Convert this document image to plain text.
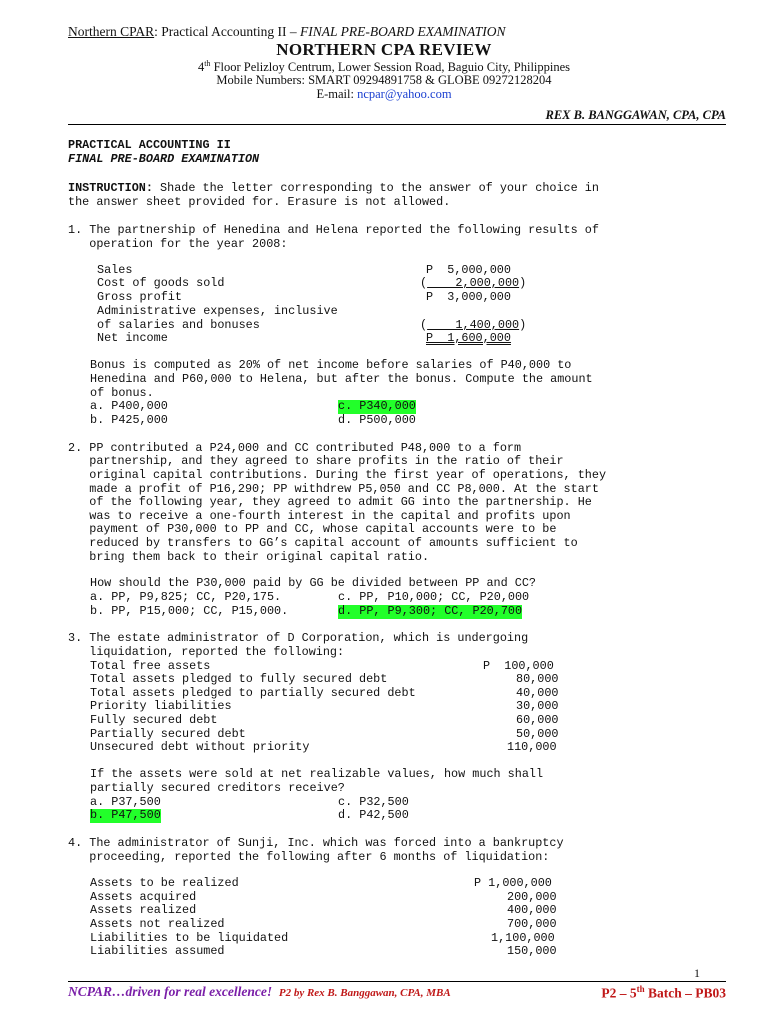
Northern CPAR: Practical Accounting II – FINAL PRE-BOARD EXAMINATION
NORTHERN CPA REVIEW
4th Floor Pelizloy Centrum, Lower Session Road, Baguio City, Philippines
Mobile Numbers: SMART 09294891758 & GLOBE 09272128204
E-mail: ncpar@yahoo.com
REX B. BANGGAWAN, CPA, CPA
PRACTICAL ACCOUNTING II
FINAL PRE-BOARD EXAMINATION
INSTRUCTION: Shade the letter corresponding to the answer of your choice in
the answer sheet provided for. Erasure is not allowed.
1. The partnership of Henedina and Helena reported the following results of
operation for the year 2008:
Sales	P  5,000,000
Cost of goods sold	(    2,000,000)
Gross profit	P  3,000,000
Administrative expenses, inclusive
of salaries and bonuses	(    1,400,000)
Net income	P  1,600,000
Bonus is computed as 20% of net income before salaries of P40,000 to
Henedina and P60,000 to Helena, but after the bonus. Compute the amount
of bonus.
a. P400,000	c. P340,000
b. P425,000	d. P500,000
2. PP contributed a P24,000 and CC contributed P48,000 to a form
partnership, and they agreed to share profits in the ratio of their
original capital contributions. During the first year of operations, they
made a profit of P16,290; PP withdrew P5,050 and CC P8,000. At the start
of the following year, they agreed to admit GG into the partnership. He
was to receive a one-fourth interest in the capital and profits upon
payment of P30,000 to PP and CC, whose capital accounts were to be
reduced by transfers to GG’s capital account of amounts sufficient to
bring them back to their original capital ratio.
How should the P30,000 paid by GG be divided between PP and CC?
a. PP, P9,825; CC, P20,175.	c. PP, P10,000; CC, P20,000
b. PP, P15,000; CC, P15,000.	d. PP, P9,300; CC, P20,700
3. The estate administrator of D Corporation, which is undergoing
liquidation, reported the following:
Total free assets	P  100,000
Total assets pledged to fully secured debt	80,000
Total assets pledged to partially secured debt	40,000
Priority liabilities	30,000
Fully secured debt	60,000
Partially secured debt	50,000
Unsecured debt without priority	110,000
If the assets were sold at net realizable values, how much shall
partially secured creditors receive?
a. P37,500	c. P32,500
b. P47,500	d. P42,500
4. The administrator of Sunji, Inc. which was forced into a bankruptcy
proceeding, reported the following after 6 months of liquidation:
Assets to be realized	P 1,000,000
Assets acquired	200,000
Assets realized	400,000
Assets not realized	700,000
Liabilities to be liquidated	1,100,000
Liabilities assumed	150,000
1
NCPAR…driven for real excellence! P2 by Rex B. Banggawan, CPA, MBA	P2 – 5th Batch – PB03
